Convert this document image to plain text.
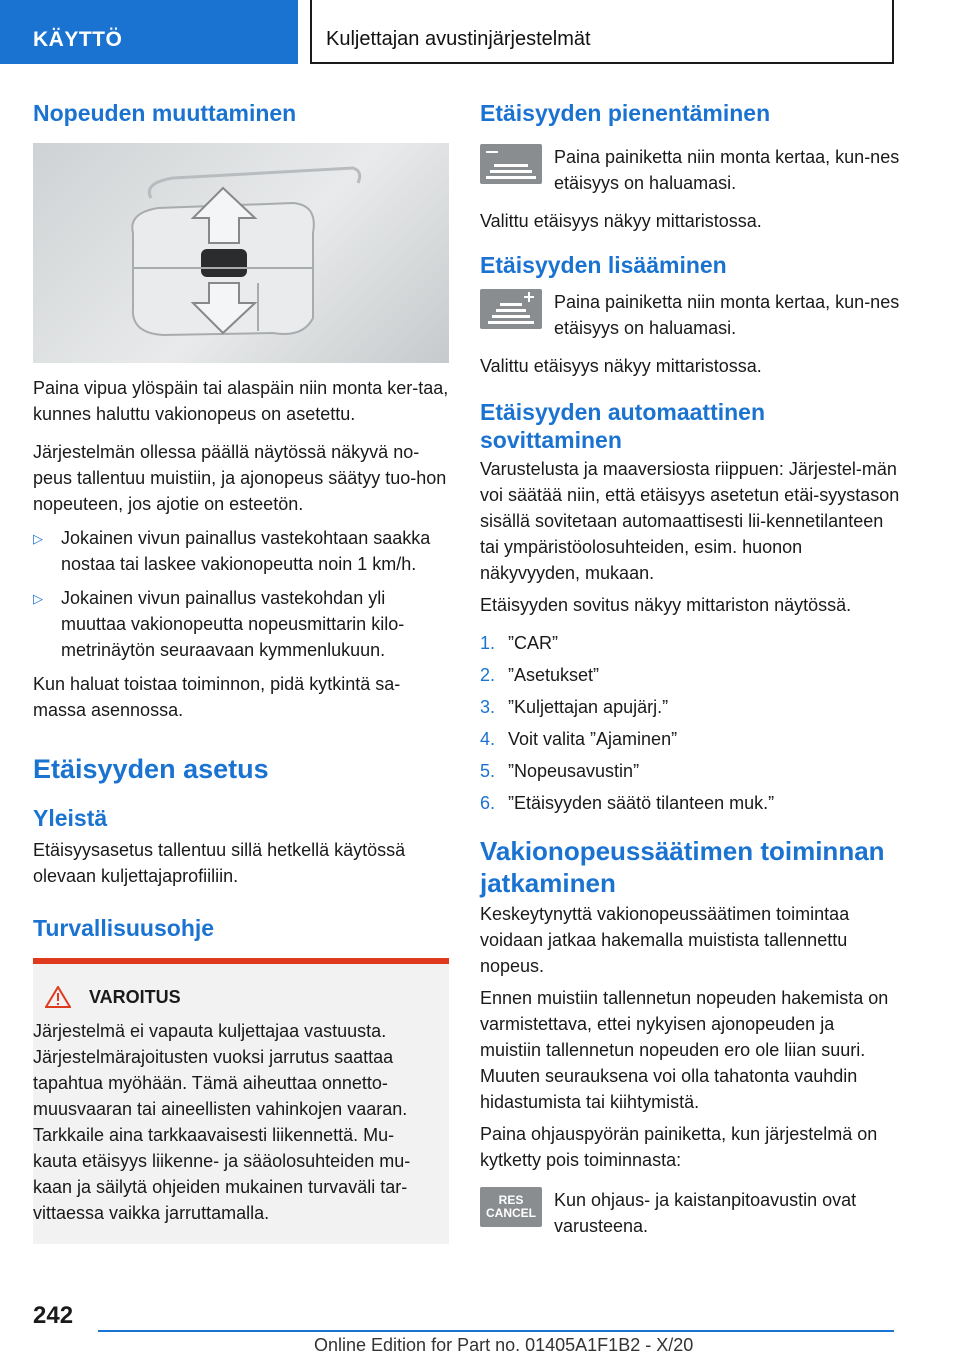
KÄYTTÖ	Kuljettajan avustinjärjestelmät
Nopeuden muuttaminen

Paina vipua ylöspäin tai alaspäin niin monta ker-taa, kunnes haluttu vakionopeus on asetettu.

Järjestelmän ollessa päällä näytössä näkyvä no-peus tallentuu muistiin, ja ajonopeus säätyy tuo-hon nopeuteen, jos ajotie on esteetön.

▷	Jokainen vivun painallus vastekohtaan saakka nostaa tai laskee vakionopeutta noin 1 km/h.
▷	Jokainen vivun painallus vastekohdan yli muuttaa vakionopeutta nopeusmittarin kilo-metrinäytön seuraavaan kymmenlukuun.

Kun haluat toistaa toiminnon, pidä kytkintä sa-massa asennossa.

Etäisyyden asetus
Yleistä

Etäisyysasetus tallentuu sillä hetkellä käytössä olevaan kuljettajaprofiiliin.

Turvallisuusohje
VAROITUS

Järjestelmä ei vapauta kuljettajaa vastuusta. Järjestelmärajoitusten vuoksi jarrutus saattaa tapahtua myöhään. Tämä aiheuttaa onnetto-muusvaaran tai aineellisten vahinkojen vaaran. Tarkkaile aina tarkkaavaisesti liikennettä. Mu-kauta etäisyys liikenne- ja sääolosuhteiden mu-kaan ja säilytä ohjeiden mukainen turvaväli tar-vittaessa vaikka jarruttamalla.

Etäisyyden pienentäminen

Paina painiketta niin monta kertaa, kun-nes etäisyys on haluamasi.

Valittu etäisyys näkyy mittaristossa.

Etäisyyden lisääminen

Paina painiketta niin monta kertaa, kun-nes etäisyys on haluamasi.

Valittu etäisyys näkyy mittaristossa.

Etäisyyden automaattinen sovittaminen

Varustelusta ja maaversiosta riippuen: Järjestel-män voi säätää niin, että etäisyys asetetun etäi-syystason sisällä sovitetaan automaattisesti lii-kennetilanteen tai ympäristöolosuhteiden, esim. huonon näkyvyyden, mukaan.

Etäisyyden sovitus näkyy mittariston näytössä.

1. ”CAR”
2. ”Asetukset”
3. ”Kuljettajan apujärj.”
4. Voit valita ”Ajaminen”
5. ”Nopeusavustin”
6. ”Etäisyyden säätö tilanteen muk.”
Vakionopeussäätimen toiminnan jatkaminen

Keskeytynyttä vakionopeussäätimen toimintaa voidaan jatkaa hakemalla muistista tallennettu nopeus.

Ennen muistiin tallennetun nopeuden hakemista on varmistettava, ettei nykyisen ajonopeuden ja muistiin tallennetun nopeuden ero ole liian suuri. Muuten seurauksena voi olla tahatonta vauhdin hidastumista tai kiihtymistä.

Paina ohjauspyörän painiketta, kun järjestelmä on kytketty pois toiminnasta:

RES
CANCEL

Kun ohjaus- ja kaistanpitoavustin ovat varusteena.

242
Online Edition for Part no. 01405A1F1B2 - X/20
